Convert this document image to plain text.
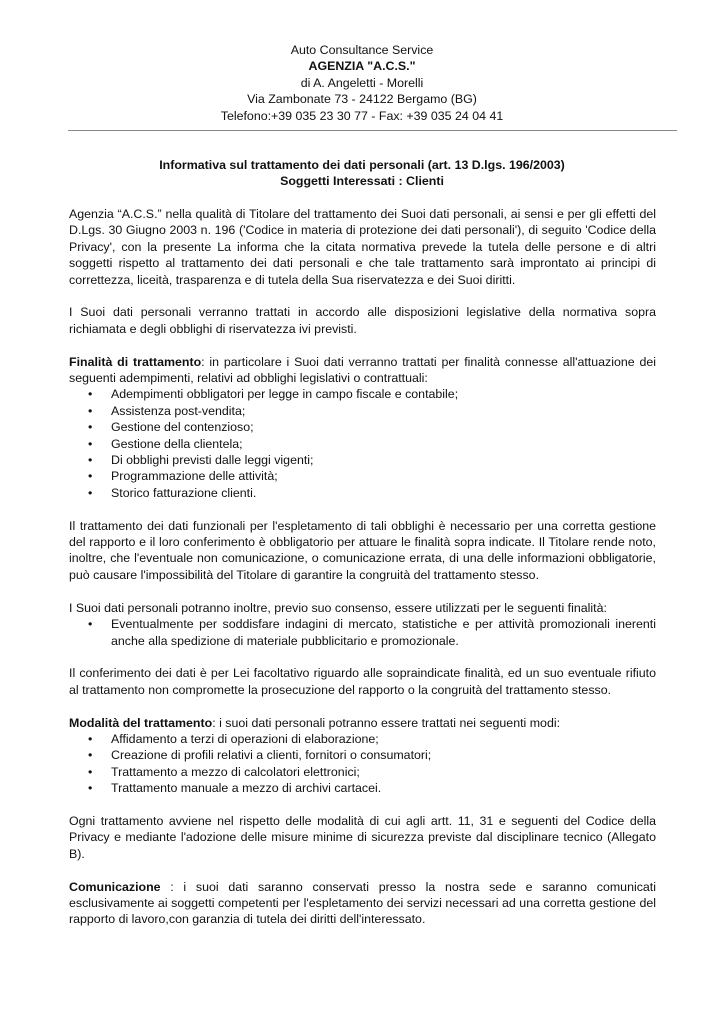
Auto Consultance Service
AGENZIA "A.C.S."
di A. Angeletti - Morelli
Via Zambonate 73 - 24122 Bergamo (BG)
Telefono:+39 035 23 30 77 - Fax: +39 035 24 04 41
Informativa sul trattamento dei dati personali (art. 13 D.lgs. 196/2003)
Soggetti Interessati : Clienti

Agenzia “A.C.S.” nella qualità di Titolare del trattamento dei Suoi dati personali, ai sensi e per gli effetti del D.Lgs. 30 Giugno 2003 n. 196 ('Codice in materia di protezione dei dati personali'), di seguito 'Codice della Privacy', con la presente La informa che la citata normativa prevede la tutela delle persone e di altri soggetti rispetto al trattamento dei dati personali e che tale trattamento sarà improntato ai principi di correttezza, liceità, trasparenza e di tutela della Sua riservatezza e dei Suoi diritti.

I Suoi dati personali verranno trattati in accordo alle disposizioni legislative della normativa sopra richiamata e degli obblighi di riservatezza ivi previsti.

Finalità di trattamento: in particolare i Suoi dati verranno trattati per finalità connesse all'attuazione dei seguenti adempimenti, relativi ad obblighi legislativi o contrattuali:

• Adempimenti obbligatori per legge in campo fiscale e contabile;
• Assistenza post-vendita;
• Gestione del contenzioso;
• Gestione della clientela;
• Di obblighi previsti dalle leggi vigenti;
• Programmazione delle attività;
• Storico fatturazione clienti.

Il trattamento dei dati funzionali per l'espletamento di tali obblighi è necessario per una corretta gestione del rapporto e il loro conferimento è obbligatorio per attuare le finalità sopra indicate. Il Titolare rende noto, inoltre, che l'eventuale non comunicazione, o comunicazione errata, di una delle informazioni obbligatorie, può causare l'impossibilità del Titolare di garantire la congruità del trattamento stesso.

I Suoi dati personali potranno inoltre, previo suo consenso, essere utilizzati per le seguenti finalità:

• Eventualmente per soddisfare indagini di mercato, statistiche e per attività promozionali inerenti anche alla spedizione di materiale pubblicitario e promozionale.

Il conferimento dei dati è per Lei facoltativo riguardo alle sopraindicate finalità, ed un suo eventuale rifiuto al trattamento non compromette la prosecuzione del rapporto o la congruità del trattamento stesso.

Modalità del trattamento: i suoi dati personali potranno essere trattati nei seguenti modi:

• Affidamento a terzi di operazioni di elaborazione;
• Creazione di profili relativi a clienti, fornitori o consumatori;
• Trattamento a mezzo di calcolatori elettronici;
• Trattamento manuale a mezzo di archivi cartacei.

Ogni trattamento avviene nel rispetto delle modalità di cui agli artt. 11, 31 e seguenti del Codice della Privacy e mediante l'adozione delle misure minime di sicurezza previste dal disciplinare tecnico (Allegato B).

Comunicazione : i suoi dati saranno conservati presso la nostra sede e saranno comunicati esclusivamente ai soggetti competenti per l'espletamento dei servizi necessari ad una corretta gestione del rapporto di lavoro,con garanzia di tutela dei diritti dell'interessato.
